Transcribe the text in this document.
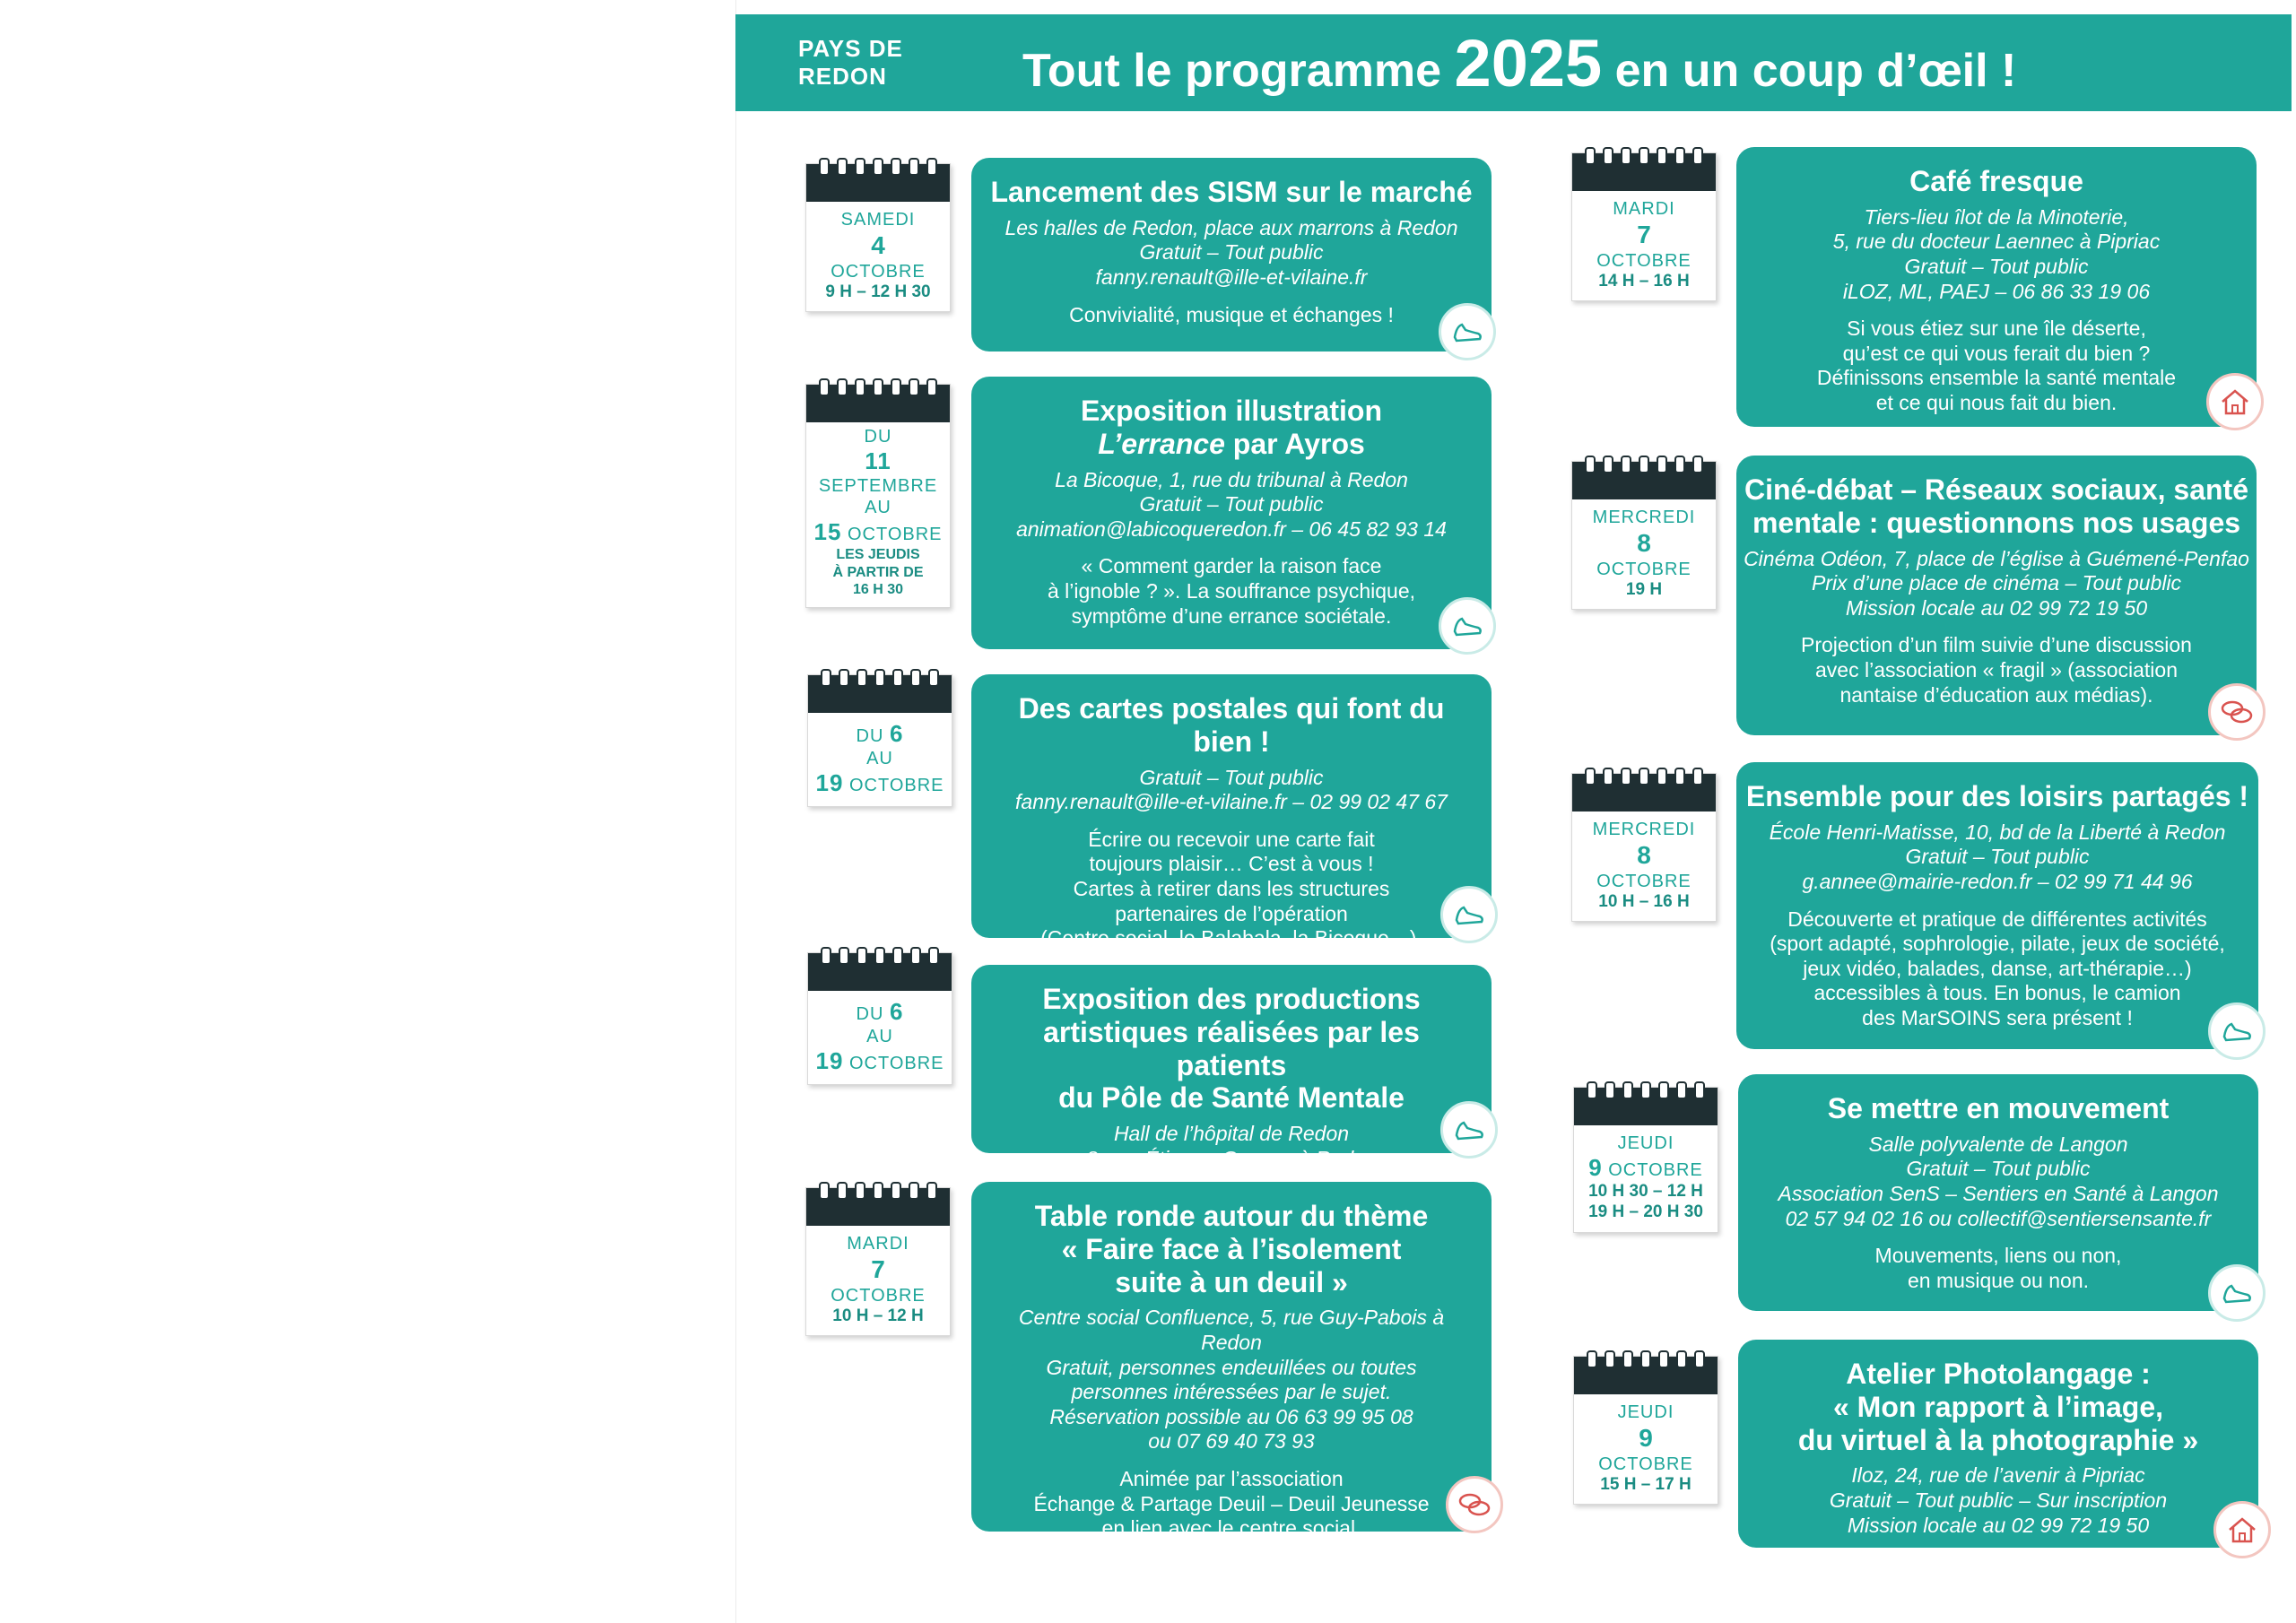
PAYS DE REDON	Tout le programme 2025 en un coup d’œil !
SAMEDI
4
OCTOBRE
9 H – 12 H 30
Lancement des SISM sur le marché

Les halles de Redon, place aux marrons à Redon
Gratuit – Tout public
fanny.renault@ille-et-vilaine.fr

Convivialité, musique et échanges !
DU
11 SEPTEMBRE
AU
15 OCTOBRE
LES JEUDIS
À PARTIR DE
16 H 30
Exposition illustration
L’errance par Ayros

La Bicoque, 1, rue du tribunal à Redon
Gratuit – Tout public
animation@labicoqueredon.fr – 06 45 82 93 14

« Comment garder la raison face
à l’ignoble ? ». La souffrance psychique,
symptôme d’une errance sociétale.
DU 6
AU
19 OCTOBRE
Des cartes postales qui font du bien !

Gratuit – Tout public
fanny.renault@ille-et-vilaine.fr – 02 99 02 47 67

Écrire ou recevoir une carte fait
toujours plaisir… C’est à vous !
Cartes à retirer dans les structures
partenaires de l’opération
(Centre social, le Balabala, la Bicoque…).
DU 6
AU
19 OCTOBRE
Exposition des productions
artistiques réalisées par les patients
du Pôle de Santé Mentale

Hall de l’hôpital de Redon
8, rue Étienne-Gascon à Redon

MARDI
7
OCTOBRE
10 H – 12 H
Table ronde autour du thème
« Faire face à l’isolement
suite à un deuil »

Centre social Confluence, 5, rue Guy-Pabois à Redon
Gratuit, personnes endeuillées ou toutes
personnes intéressées par le sujet.
Réservation possible au 06 63 99 95 08
ou 07 69 40 73 93

Animée par l’association
Échange & Partage Deuil – Deuil Jeunesse
en lien avec le centre social.
MARDI
7
OCTOBRE
14 H – 16 H
Café fresque

Tiers-lieu îlot de la Minoterie,
5, rue du docteur Laennec à Pipriac
Gratuit – Tout public
iLOZ, ML, PAEJ – 06 86 33 19 06

Si vous étiez sur une île déserte,
qu’est ce qui vous ferait du bien ?
Définissons ensemble la santé mentale
et ce qui nous fait du bien.
MERCREDI
8
OCTOBRE
19 H
Ciné-débat – Réseaux sociaux, santé
mentale : questionnons nos usages

Cinéma Odéon, 7, place de l’église à Guémené-Penfao
Prix d’une place de cinéma – Tout public
Mission locale au 02 99 72 19 50

Projection d’un film suivie d’une discussion
avec l’association « fragil » (association
nantaise d’éducation aux médias).
MERCREDI
8
OCTOBRE
10 H – 16 H
Ensemble pour des loisirs partagés !

École Henri-Matisse, 10, bd de la Liberté à Redon
Gratuit – Tout public
g.annee@mairie-redon.fr – 02 99 71 44 96

Découverte et pratique de différentes activités
(sport adapté, sophrologie, pilate, jeux de société,
jeux vidéo, balades, danse, art-thérapie…)
accessibles à tous. En bonus, le camion
des MarSOINS sera présent !
JEUDI
9 OCTOBRE
10 H 30 – 12 H
19 H – 20 H 30
Se mettre en mouvement

Salle polyvalente de Langon
Gratuit – Tout public
Association SenS – Sentiers en Santé à Langon
02 57 94 02 16 ou collectif@sentiersensante.fr

Mouvements, liens ou non,
en musique ou non.
JEUDI
9
OCTOBRE
15 H – 17 H
Atelier Photolangage :
« Mon rapport à l’image,
du virtuel à la photographie »

Iloz, 24, rue de l’avenir à Pipriac
Gratuit – Tout public – Sur inscription
Mission locale au 02 99 72 19 50
